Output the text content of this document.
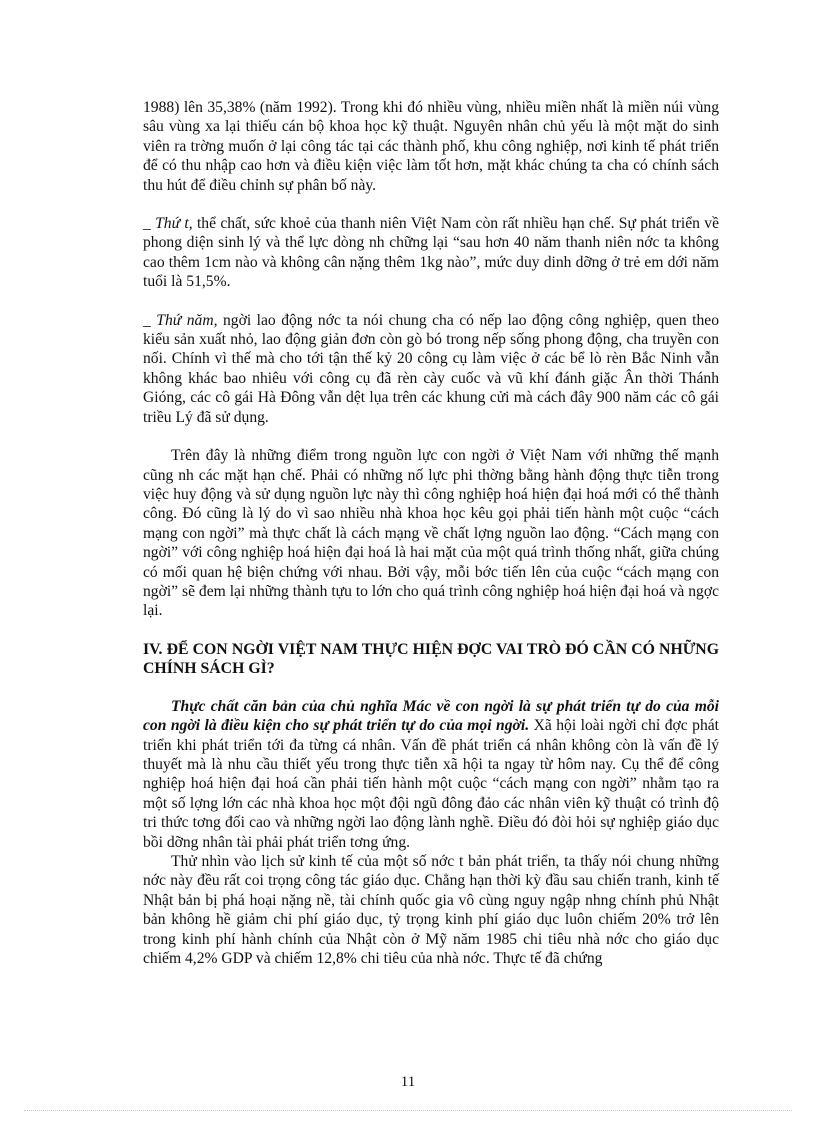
1988) lên 35,38% (năm 1992). Trong khi đó nhiều vùng, nhiều miền nhất là miền núi vùng sâu vùng xa lại thiếu cán bộ khoa học kỹ thuật. Nguyên nhân chủ yếu là một mặt do sinh viên ra trờng muốn ở lại công tác tại các thành phố, khu công nghiệp, nơi kinh tế phát triển để có thu nhập cao hơn và điều kiện việc làm tốt hơn, mặt khác chúng ta cha có chính sách thu hút để điều chỉnh sự phân bố này.

_ Thứ t, thể chất, sức khoẻ của thanh niên Việt Nam còn rất nhiều hạn chế. Sự phát triển về phong diện sinh lý và thể lực dòng nh chững lại “sau hơn 40 năm thanh niên nớc ta không cao thêm 1cm nào và không cân nặng thêm 1kg nào”, mức duy dinh dỡng ở trẻ em dới năm tuổi là 51,5%.

_ Thứ năm, ngời lao động nớc ta nói chung cha có nếp lao động công nghiệp, quen theo kiểu sản xuất nhỏ, lao động giản đơn còn gò bó trong nếp sống phong động, cha truyền con nối. Chính vì thế mà cho tới tận thế kỷ 20 công cụ làm việc ở các bể lò rèn Bắc Ninh vẫn không khác bao nhiêu với công cụ đã rèn cày cuốc và vũ khí đánh giặc Ân thời Thánh Gióng, các cô gái Hà Đông vẫn dệt lụa trên các khung cửi mà cách đây 900 năm các cô gái triều Lý đã sử dụng.

Trên đây là những điểm trong nguồn lực con ngời ở Việt Nam với những thế mạnh cũng nh các mặt hạn chế. Phải có những nố lực phi thờng bằng hành động thực tiễn trong việc huy động và sử dụng nguồn lực này thì công nghiệp hoá hiện đại hoá mới có thể thành công. Đó cũng là lý do vì sao nhiều nhà khoa học kêu gọi phải tiến hành một cuộc “cách mạng con ngời” mà thực chất là cách mạng về chất lợng nguồn lao động. “Cách mạng con ngời” với công nghiệp hoá hiện đại hoá là hai mặt của một quá trình thống nhất, giữa chúng có mối quan hệ biện chứng với nhau. Bởi vậy, mỗi bớc tiến lên của cuộc “cách mạng con ngời” sẽ đem lại những thành tựu to lớn cho quá trình công nghiệp hoá hiện đại hoá và ngợc lại.

IV. ĐỂ CON NGỜI VIỆT NAM THỰC HIỆN ĐỢC VAI TRÒ ĐÓ CẦN CÓ NHỮNG CHÍNH SÁCH GÌ?

Thực chất căn bản của chủ nghĩa Mác về con ngời là sự phát triển tự do của mỗi con ngời là điều kiện cho sự phát triển tự do của mọi ngời. Xã hội loài ngời chỉ đợc phát triển khi phát triển tới đa từng cá nhân. Vấn đề phát triển cá nhân không còn là vấn đề lý thuyết mà là nhu cầu thiết yếu trong thực tiễn xã hội ta ngay từ hôm nay. Cụ thể để công nghiệp hoá hiện đại hoá cần phải tiến hành một cuộc “cách mạng con ngời” nhằm tạo ra một số lợng lớn các nhà khoa học một đội ngũ đông đảo các nhân viên kỹ thuật có trình độ tri thức tơng đối cao và những ngời lao động lành nghề. Điều đó đòi hỏi sự nghiệp giáo dục bồi dỡng nhân tài phải phát triển tơng ứng.

Thử nhìn vào lịch sử kinh tế của một số nớc t bản phát triển, ta thấy nói chung những nớc này đều rất coi trọng công tác giáo dục. Chẳng hạn thời kỳ đầu sau chiến tranh, kinh tế Nhật bản bị phá hoại nặng nề, tài chính quốc gia vô cùng nguy ngập nhng chính phủ Nhật bản không hề giảm chi phí giáo dục, tỷ trọng kinh phí giáo dục luôn chiếm 20% trở lên trong kinh phí hành chính của Nhật còn ở Mỹ năm 1985 chi tiêu nhà nớc cho giáo dục chiếm 4,2% GDP và chiếm 12,8% chi tiêu của nhà nớc. Thực tế đã chứng

11
